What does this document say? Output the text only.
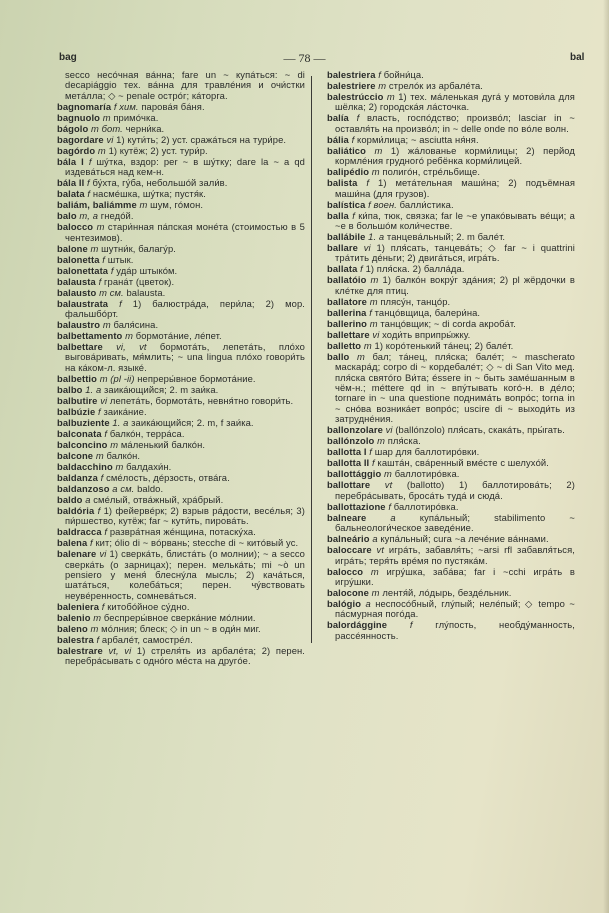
bag	— 78 —	bal

secco несóчная вáнна; fare un ~ купáться: ~ di decapiággio тех. вáнна для травлéния и очи́стки метáлла; ◇ ~ penale острóг; кáторга.

bagnomaría f хим. паровáя бáня.

bagnuolo m примóчка.

bágolo m бот. черни́ка.

bagordare vi 1) кути́ть; 2) уст. сражáться на тури́ре.

bagórdo m 1) кутёж; 2) уст. тури́р.

bála I f шу́тка, вздор: per ~ в шу́тку; dare la ~ a qd издевáться над кем-н.

bála II f бу́хта, гу́ба, небольшóй зали́в.

balata f насмéшка, шу́тка; пустя́к.

baliám, baliámme m шум, гóмон.

balo m, a гнедóй.

balocco m стари́нная пáпская монéта (стоимостью в 5 чентезимов).

balone m шутни́к, балагу́р.

balonetta f штык.

balonettata f удáр штыкóм.

balausta f гранáт (цветок).

balausto m см. balausta.

balaustrata f 1) балюстрáда, пери́ла; 2) мор. фальшбóрт.

balaustro m баля́сина.

balbettamento m бормотáние, лéпет.

balbettare vi, vt бормотáть, лепетáть, плóхо выговáривать, мя́млить; ~ una lingua плóхо говори́ть на кáком-л. языкé.

balbettio m (pl -ii) непреры́вное бормотáние.

balbo 1. a заикáющийся; 2. m заи́ка.

balbutire vi лепетáть, бормотáть, невня́тно говори́ть.

balbúzie f заикáние.

balbuziente 1. a заикáющийся; 2. m, f заи́ка.

balconata f балкóн, террáса.

balconcino m мáленький балкóн.

balcone m балкóн.

baldacchino m балдахи́н.

baldanza f смéлость, дéрзость, отвáга.

baldanzoso a см. baldo.

baldo a смéлый, отвáжный, хрáбрый.

baldória f 1) фейервéрк; 2) взрыв рáдости, весéлья; 3) пи́ршество, кутёж; far ~ кути́ть, пировáть.

baldracca f развра́тная жéнщина, потаску́ха.

balena f кит; ólio di ~ вóрвань; stecche di ~ китóвый ус.

balenare vi 1) сверкáть, блистáть (о молнии); ~ a secco сверкáть (о зарницах); перен. мелькáть; mi ~ò un pensiero у меня́ блеснýла мысль; 2) качáться, шатáться, колебáться; перен. чу́вствовать неувéренность, сомневáться.

baleniera f китобóйное су́дно.

balenio m беспреры́вное сверкáние мóлнии.

baleno m мóлния; блеск; ◇ in un ~ в оди́н миг.

balestra f арбалéт, самострéл.

balestrare vt, vi 1) стреля́ть из арбалéта; 2) перен. перебрáсывать с однóго мéста на другóе.

balestriera f бойни́ца.

balestriere m стрелóк из арбалéта.

balestrúccio m 1) тех. мáленькая дугá у мотови́ла для шёлка; 2) городскáя лáсточка.

balía f власть, госпóдство; произвóл; lasciar in ~ оставля́ть на произвóл; in ~ delle onde по вóле волн.

bália f корми́лица; ~ asciutta ня́ня.

baliático m 1) жáлованье корми́лицы; 2) перйод кормлéния грудногó ребёнка корми́лицей.

balipédio m полигóн, стрéльбище.

balista f 1) метáтельная маши́на; 2) подъёмная маши́на (для грузов).

balística f воен. балли́стика.

balla f ки́па, тюк, связка; far le ~e упакóвывать вéщи; a ~e в большóм коли́честве.

ballábile 1. a танцевáльный; 2. m балéт.

ballare vi 1) пля́сать, танцевáть; ◇ far ~ i quattrini трáтить дéньги; 2) двигáться, игрáть.

ballata f 1) пля́ска. 2) баллáда.

ballatóio m 1) балкóн вокру́г здáния; 2) pl жёрдочки в клéтке для птиц.

ballatore m плясу́н, танцóр.

ballerina f танцóвщица, балери́на.

ballerino m танцóвщик; ~ di corda акробáт.

ballettare vi ходи́ть вприпры́жку.

balletto m 1) корóтенький тáнец; 2) балéт.

ballo m бал; тáнец, пля́ска; балéт; ~ mascherato маскарáд; corpo di ~ кордебалéт; ◇ ~ di San Vito мед. пля́ска святóго Ви́та; éssere in ~ быть замéшанным в чём-н.; méttere qd in ~ впу́тывать когó-н. в дéло; tornare in ~ una questione поднимáть вопрóс; torna in ~ снóва возникáет вопрóс; uscire di ~ выходи́ть из затруднéния.

ballonzolare vi (ballónzolo) пля́сать, скакáть, пры́гать.

ballónzolo m пля́ска.

ballotta I f шар для баллотирóвки.

ballotta II f каштáн, свáренный вмéсте с шелухóй.

ballottággio m баллотирóвка.

ballottare vt (ballotto) 1) баллотировáть; 2) перебрáсывать, бросáть тудá и сюдá.

ballottazione f баллотирóвка.

balneare	a	купáльный; stabilimento ~ бальнеологи́ческое заведéние.

balneário a купáльный; cura ~a лечéние вáннами.

baloccare vt игрáть, забавля́ть; ~arsi rfl забавля́ться, игрáть; теря́ть врéмя по пустякáм.

balocco m игру́шка, забáва; far i ~cchi игрáть в игру́шки.

balocone m лентя́й, лóдырь, бездéльник.

balógio a неспосóбный, глу́пый; нелéпый; ◇ tempo ~ пáсмурная погóда.

balordággine f глу́пость, необду́манность, рассéянность.
